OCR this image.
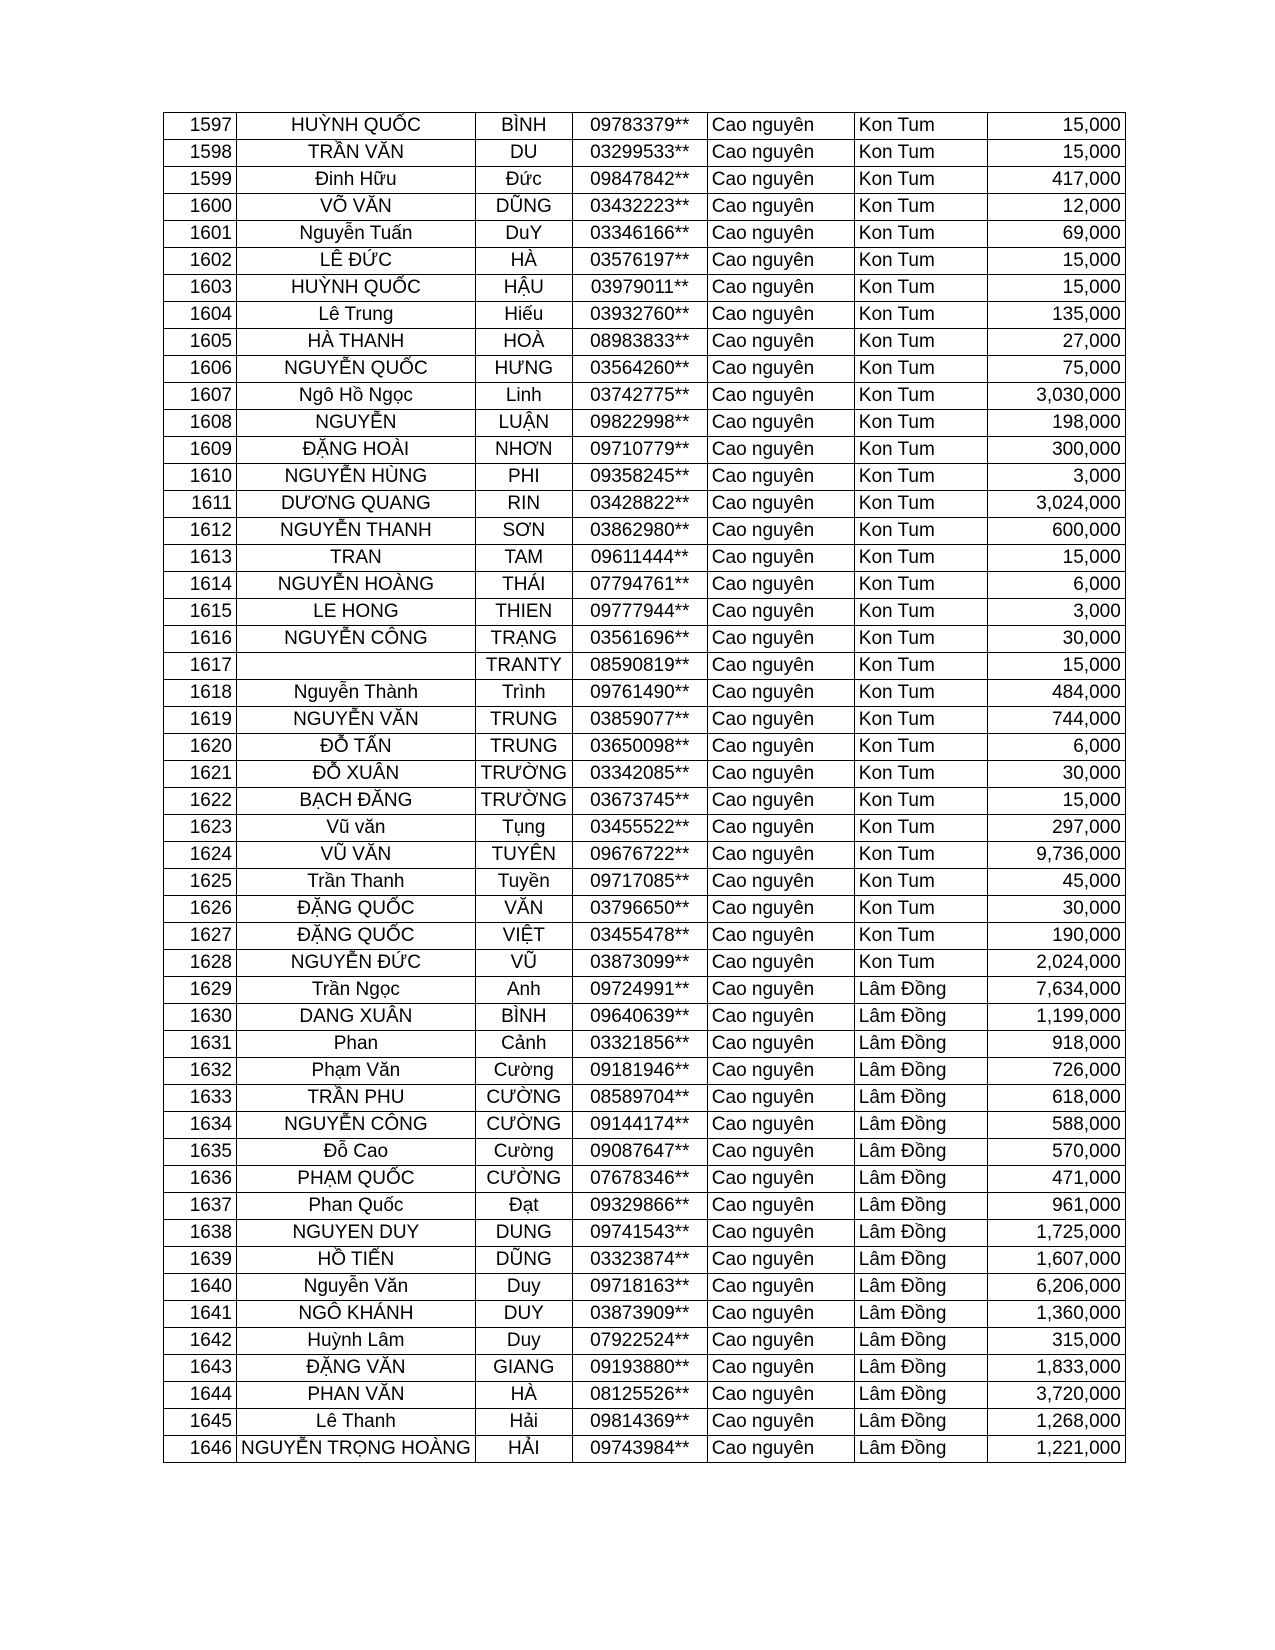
1597	HUỲNH QUỐC	BÌNH	09783379**	Cao nguyên	Kon Tum	15,000
1598	TRẦN VĂN	DU	03299533**	Cao nguyên	Kon Tum	15,000
1599	Đinh Hữu	Đức	09847842**	Cao nguyên	Kon Tum	417,000
1600	VÕ VĂN	DŨNG	03432223**	Cao nguyên	Kon Tum	12,000
1601	Nguyễn Tuấn	DuY	03346166**	Cao nguyên	Kon Tum	69,000
1602	LÊ ĐỨC	HÀ	03576197**	Cao nguyên	Kon Tum	15,000
1603	HUỲNH QUỐC	HẬU	03979011**	Cao nguyên	Kon Tum	15,000
1604	Lê Trung	Hiếu	03932760**	Cao nguyên	Kon Tum	135,000
1605	HÀ THANH	HOÀ	08983833**	Cao nguyên	Kon Tum	27,000
1606	NGUYỄN QUỐC	HƯNG	03564260**	Cao nguyên	Kon Tum	75,000
1607	Ngô Hồ Ngọc	Linh	03742775**	Cao nguyên	Kon Tum	3,030,000
1608	NGUYỄN	LUẬN	09822998**	Cao nguyên	Kon Tum	198,000
1609	ĐẶNG HOÀI	NHƠN	09710779**	Cao nguyên	Kon Tum	300,000
1610	NGUYỄN HÙNG	PHI	09358245**	Cao nguyên	Kon Tum	3,000
1611	DƯƠNG QUANG	RIN	03428822**	Cao nguyên	Kon Tum	3,024,000
1612	NGUYỄN THANH	SƠN	03862980**	Cao nguyên	Kon Tum	600,000
1613	TRAN	TAM	09611444**	Cao nguyên	Kon Tum	15,000
1614	NGUYỄN HOÀNG	THÁI	07794761**	Cao nguyên	Kon Tum	6,000
1615	LE HONG	THIEN	09777944**	Cao nguyên	Kon Tum	3,000
1616	NGUYỄN CÔNG	TRẠNG	03561696**	Cao nguyên	Kon Tum	30,000
1617		TRANTY	08590819**	Cao nguyên	Kon Tum	15,000
1618	Nguyễn Thành	Trình	09761490**	Cao nguyên	Kon Tum	484,000
1619	NGUYỄN VĂN	TRUNG	03859077**	Cao nguyên	Kon Tum	744,000
1620	ĐỖ TẤN	TRUNG	03650098**	Cao nguyên	Kon Tum	6,000
1621	ĐỖ XUÂN	TRƯỜNG	03342085**	Cao nguyên	Kon Tum	30,000
1622	BẠCH ĐĂNG	TRƯỜNG	03673745**	Cao nguyên	Kon Tum	15,000
1623	Vũ văn	Tụng	03455522**	Cao nguyên	Kon Tum	297,000
1624	VŨ VĂN	TUYÊN	09676722**	Cao nguyên	Kon Tum	9,736,000
1625	Trần Thanh	Tuyền	09717085**	Cao nguyên	Kon Tum	45,000
1626	ĐẶNG QUỐC	VĂN	03796650**	Cao nguyên	Kon Tum	30,000
1627	ĐẶNG QUỐC	VIỆT	03455478**	Cao nguyên	Kon Tum	190,000
1628	NGUYỄN ĐỨC	VŨ	03873099**	Cao nguyên	Kon Tum	2,024,000
1629	Trần Ngọc	Anh	09724991**	Cao nguyên	Lâm Đồng	7,634,000
1630	DANG XUÂN	BÌNH	09640639**	Cao nguyên	Lâm Đồng	1,199,000
1631	Phan	Cảnh	03321856**	Cao nguyên	Lâm Đồng	918,000
1632	Phạm Văn	Cường	09181946**	Cao nguyên	Lâm Đồng	726,000
1633	TRẦN PHU	CƯỜNG	08589704**	Cao nguyên	Lâm Đồng	618,000
1634	NGUYỄN CÔNG	CƯỜNG	09144174**	Cao nguyên	Lâm Đồng	588,000
1635	Đỗ Cao	Cường	09087647**	Cao nguyên	Lâm Đồng	570,000
1636	PHẠM QUỐC	CƯỜNG	07678346**	Cao nguyên	Lâm Đồng	471,000
1637	Phan Quốc	Đạt	09329866**	Cao nguyên	Lâm Đồng	961,000
1638	NGUYEN DUY	DUNG	09741543**	Cao nguyên	Lâm Đồng	1,725,000
1639	HỒ TIẾN	DŨNG	03323874**	Cao nguyên	Lâm Đồng	1,607,000
1640	Nguyễn Văn	Duy	09718163**	Cao nguyên	Lâm Đồng	6,206,000
1641	NGÔ KHÁNH	DUY	03873909**	Cao nguyên	Lâm Đồng	1,360,000
1642	Huỳnh Lâm	Duy	07922524**	Cao nguyên	Lâm Đồng	315,000
1643	ĐẶNG VĂN	GIANG	09193880**	Cao nguyên	Lâm Đồng	1,833,000
1644	PHAN VĂN	HÀ	08125526**	Cao nguyên	Lâm Đồng	3,720,000
1645	Lê Thanh	Hải	09814369**	Cao nguyên	Lâm Đồng	1,268,000
1646	NGUYỄN TRỌNG HOÀNG	HẢI	09743984**	Cao nguyên	Lâm Đồng	1,221,000
